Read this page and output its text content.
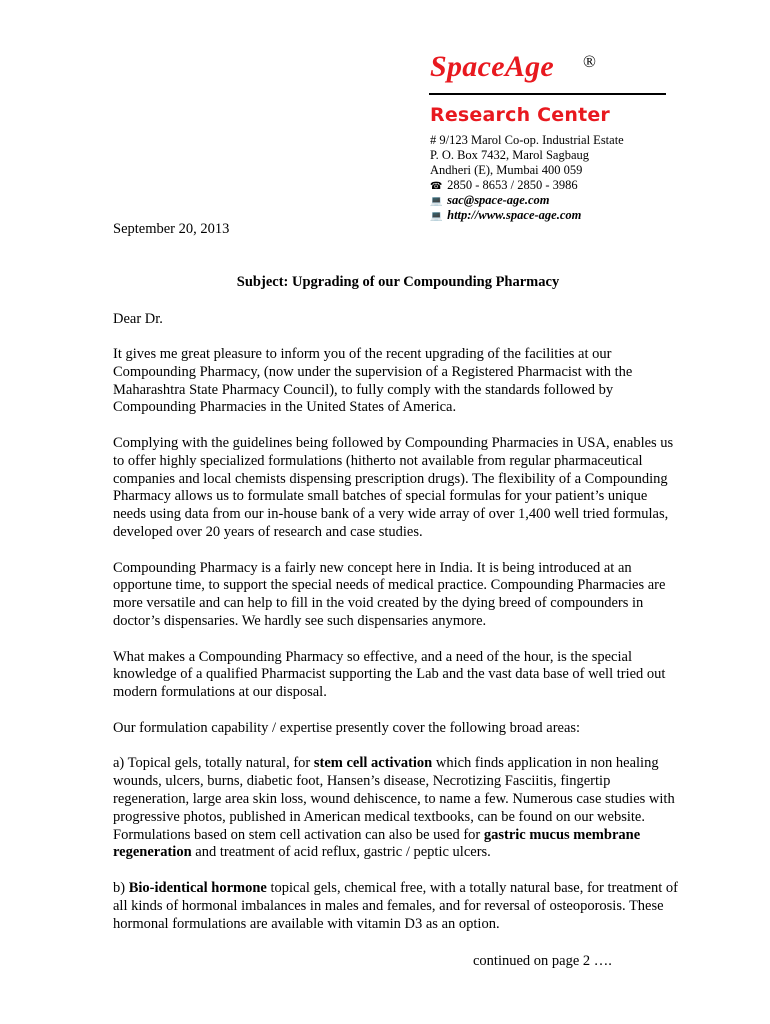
SpaceAge ®
Research Center
# 9/123 Marol Co-op. Industrial Estate
P. O. Box 7432, Marol Sagbaug
Andheri (E), Mumbai 400 059
☎ 2850 - 8653 / 2850 - 3986
💻 sac@space-age.com
💻 http://www.space-age.com
September 20, 2013
Subject: Upgrading of our Compounding Pharmacy
Dear Dr.

It gives me great pleasure to inform you of the recent upgrading of the facilities at our Compounding Pharmacy, (now under the supervision of a Registered Pharmacist with the Maharashtra State Pharmacy Council), to fully comply with the standards followed by Compounding Pharmacies in the United States of America.

Complying with the guidelines being followed by Compounding Pharmacies in USA, enables us to offer highly specialized formulations (hitherto not available from regular pharmaceutical companies and local chemists dispensing prescription drugs). The flexibility of a Compounding Pharmacy allows us to formulate small batches of special formulas for your patient’s unique needs using data from our in-house bank of a very wide array of over 1,400 well tried formulas, developed over 20 years of research and case studies.

Compounding Pharmacy is a fairly new concept here in India. It is being introduced at an opportune time, to support the special needs of medical practice. Compounding Pharmacies are more versatile and can help to fill in the void created by the dying breed of compounders in doctor’s dispensaries. We hardly see such dispensaries anymore.

What makes a Compounding Pharmacy so effective, and a need of the hour, is the special knowledge of a qualified Pharmacist supporting the Lab and the vast data base of well tried out modern formulations at our disposal.

Our formulation capability / expertise presently cover the following broad areas:

a) Topical gels, totally natural, for stem cell activation which finds application in non healing wounds, ulcers, burns, diabetic foot, Hansen’s disease, Necrotizing Fasciitis, fingertip regeneration, large area skin loss, wound dehiscence, to name a few. Numerous case studies with progressive photos, published in American medical textbooks, can be found on our website. Formulations based on stem cell activation can also be used for gastric mucus membrane regeneration and treatment of acid reflux, gastric / peptic ulcers.

b) Bio-identical hormone topical gels, chemical free, with a totally natural base, for treatment of all kinds of hormonal imbalances in males and females, and for reversal of osteoporosis. These hormonal formulations are available with vitamin D3 as an option.

continued on page 2 ….
